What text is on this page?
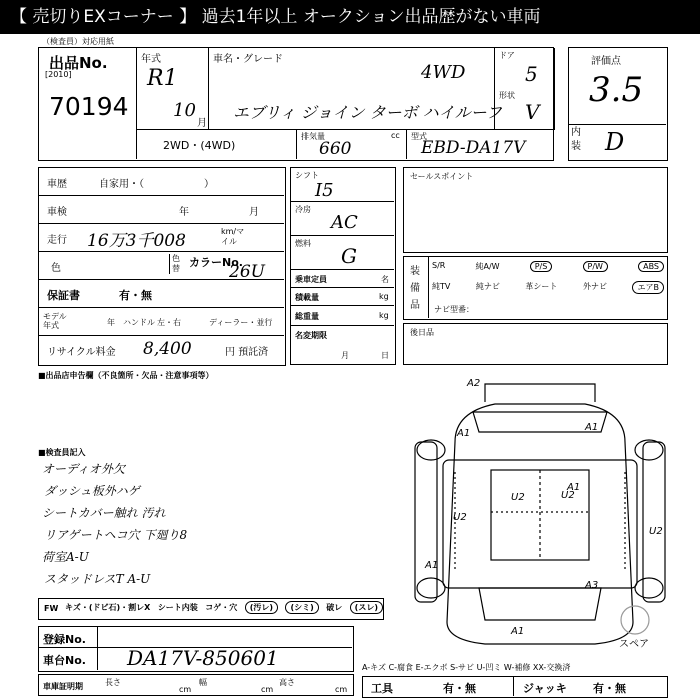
【 売切りEXコーナー 】 過去1年以上 オークション出品歴がない車両
（検査員）対応用紙
出品No.
[2010]
70194
年式
R1
10
月
車名・グレード
4WD
エブリィ ジョイン ターボ ハイルーフ
ドア
5
形状
V
2WD・(4WD)
排気量	cc
660
型式
EBD-DA17V
評価点
3.5
内装 D
車歴	自家用・（　　　　　　）
車検	年	月
走行 16万3千008	km/マイル
色
色替 カラーNo.
26U
保証書	有・無
モデル年式	年 ハンドル 左・右	ディーラー・並行
リサイクル料金 8,400	円 預託済
シフト
I5
冷房
AC
燃料
G
乗車定員	名
積載量	kg
総重量	kg
名変期限
月	日
セールスポイント
装備品
S/R	純A/W	P/S	P/W	ABS
純TV	純ナビ	革シート	外ナビ	エアB
ナビ型番：
後日品
■出品店申告欄（不良箇所・欠品・注意事項等）
■検査員記入
オーディオ外欠
ダッシュ板外ハゲ
シートカバー触れ 汚れ
リアゲートヘコ穴 下廻り8
荷室A-U
スタッドレスT A-U
FW キズ・(ドビ石)・割レX シート内装 コゲ・穴	(汚レ)	(シミ)	破レ	(スレ)
登録No.
車台No. DA17V-850601
車庫証明期	長さ
cm
幅
cm
高さ
cm
A2
A1
A1
U2
U2	U2
A1
A3
U2
A1
A1
スペア
A-キズ C-腐食 E-エクボ S-サビ U-凹ミ W-補修 XX-交換済
工具	有・無	ジャッキ 有・無
